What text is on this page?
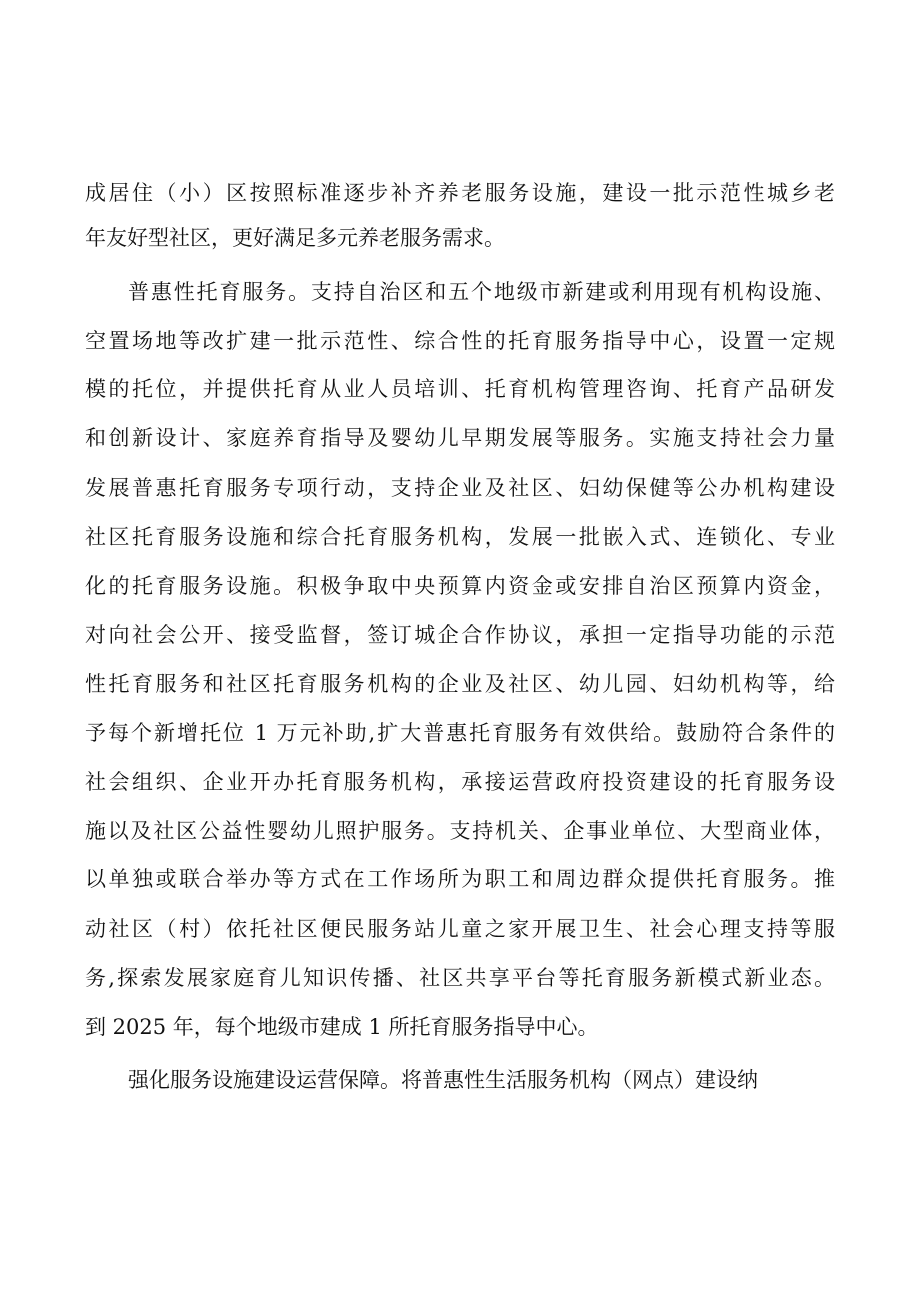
成居住（小）区按照标准逐步补齐养老服务设施，建设一批示范性城乡老
年友好型社区，更好满足多元养老服务需求。
普惠性托育服务。支持自治区和五个地级市新建或利用现有机构设施、
空置场地等改扩建一批示范性、综合性的托育服务指导中心，设置一定规
模的托位，并提供托育从业人员培训、托育机构管理咨询、托育产品研发
和创新设计、家庭养育指导及婴幼儿早期发展等服务。实施支持社会力量
发展普惠托育服务专项行动，支持企业及社区、妇幼保健等公办机构建设
社区托育服务设施和综合托育服务机构，发展一批嵌入式、连锁化、专业
化的托育服务设施。积极争取中央预算内资金或安排自治区预算内资金，
对向社会公开、接受监督，签订城企合作协议，承担一定指导功能的示范
性托育服务和社区托育服务机构的企业及社区、幼儿园、妇幼机构等，给
予每个新增托位 1 万元补助,扩大普惠托育服务有效供给。鼓励符合条件的
社会组织、企业开办托育服务机构，承接运营政府投资建设的托育服务设
施以及社区公益性婴幼儿照护服务。支持机关、企事业单位、大型商业体，
以单独或联合举办等方式在工作场所为职工和周边群众提供托育服务。推
动社区（村）依托社区便民服务站儿童之家开展卫生、社会心理支持等服
务,探索发展家庭育儿知识传播、社区共享平台等托育服务新模式新业态。
到 2025 年，每个地级市建成 1 所托育服务指导中心。
强化服务设施建设运营保障。将普惠性生活服务机构（网点）建设纳
